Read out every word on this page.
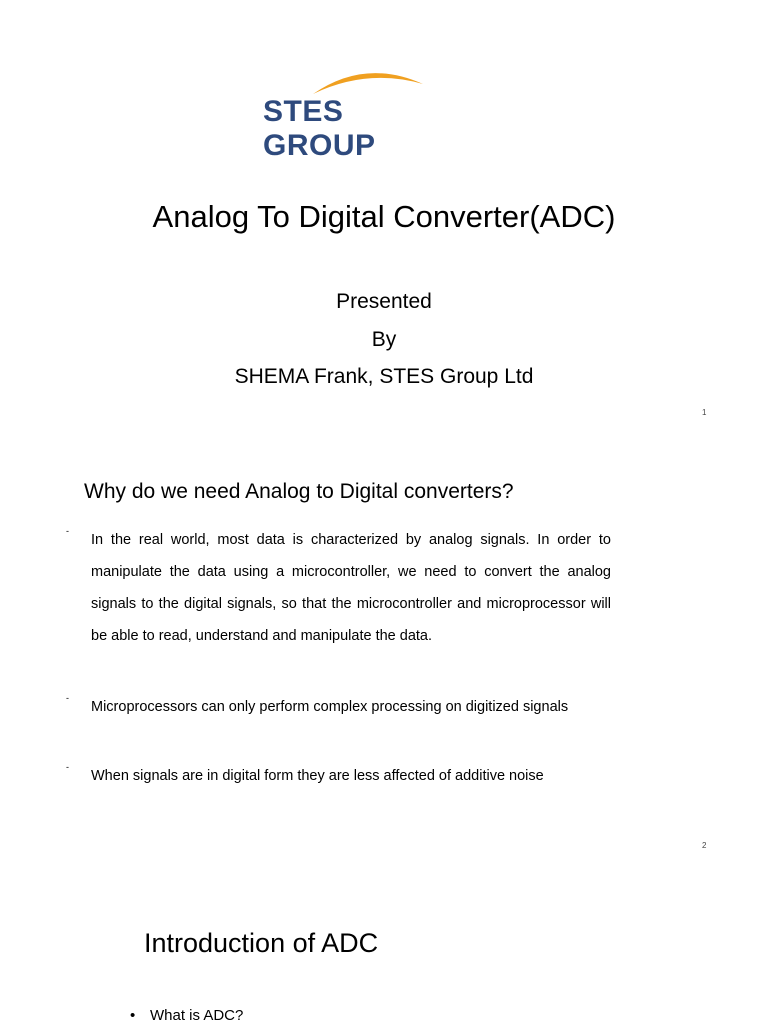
STES GROUP
Analog To Digital Converter(ADC)
Presented
By
SHEMA Frank, STES Group Ltd
1
Why do we need Analog to Digital converters?
-
In the real world, most data is characterized by analog signals. In order to manipulate the data using a microcontroller, we need to convert the analog signals to the digital signals, so that the microcontroller and microprocessor will be able to read, understand and manipulate the data.
-
Microprocessors can only perform complex processing on digitized signals
-
When signals are in digital form they are less affected of additive noise
2
Introduction of ADC
• What is ADC?
